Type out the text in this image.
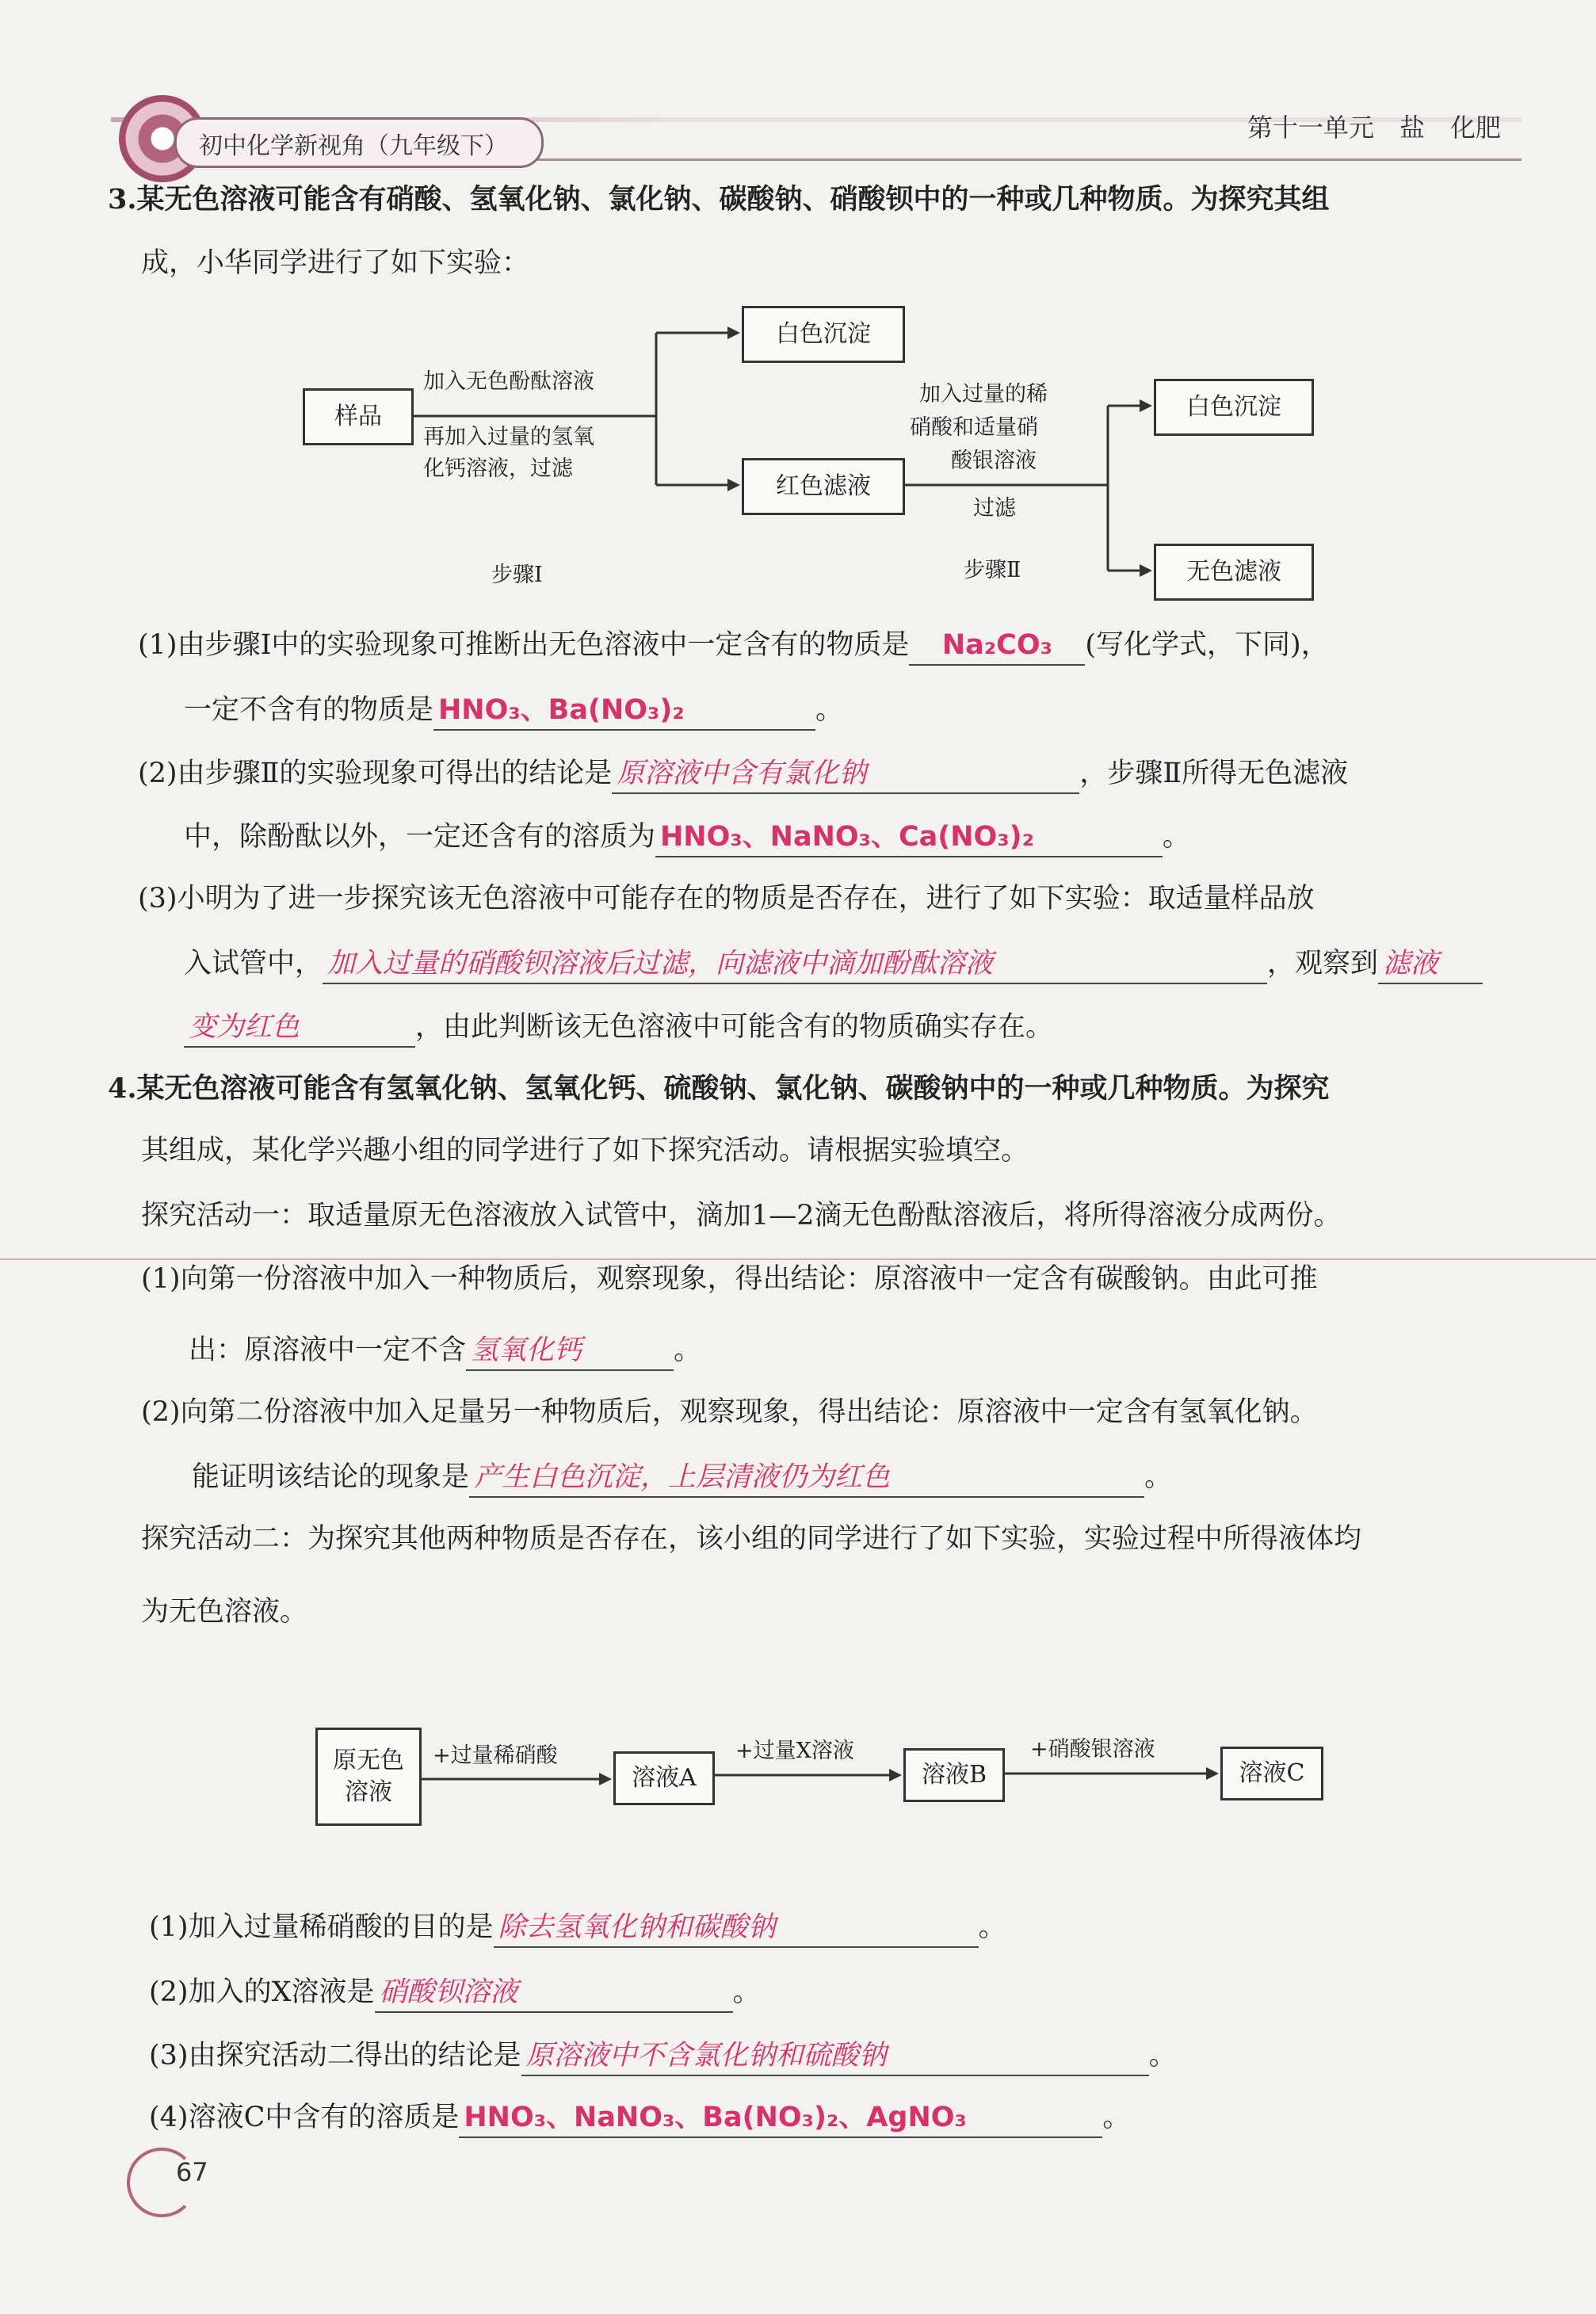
初中化学新视角（九年级下）
第十一单元　盐　化肥
3.某无色溶液可能含有硝酸、氢氧化钠、氯化钠、碳酸钠、硝酸钡中的一种或几种物质。为探究其组
成，小华同学进行了如下实验：
样品
加入无色酚酞溶液
再加入过量的氢氧
化钙溶液，过滤
白色沉淀
红色滤液
加入过量的稀
硝酸和适量硝
酸银溶液
过滤
白色沉淀
无色滤液
步骤Ⅰ	步骤Ⅱ
(1)由步骤Ⅰ中的实验现象可推断出无色溶液中一定含有的物质是 Na₂CO₃ (写化学式，下同)，
一定不含有的物质是 HNO₃、Ba(NO₃)₂	。
(2)由步骤Ⅱ的实验现象可得出的结论是 原溶液中含有氯化钠	，步骤Ⅱ所得无色滤液
中，除酚酞以外，一定还含有的溶质为 HNO₃、NaNO₃、Ca(NO₃)₂	。
(3)小明为了进一步探究该无色溶液中可能存在的物质是否存在，进行了如下实验：取适量样品放
入试管中， 加入过量的硝酸钡溶液后过滤，向滤液中滴加酚酞溶液	，观察到 滤液
变为红色	，由此判断该无色溶液中可能含有的物质确实存在。
4.某无色溶液可能含有氢氧化钠、氢氧化钙、硫酸钠、氯化钠、碳酸钠中的一种或几种物质。为探究
其组成，某化学兴趣小组的同学进行了如下探究活动。请根据实验填空。
探究活动一：取适量原无色溶液放入试管中，滴加1—2滴无色酚酞溶液后，将所得溶液分成两份。
(1)向第一份溶液中加入一种物质后，观察现象，得出结论：原溶液中一定含有碳酸钠。由此可推
出：原溶液中一定不含 氢氧化钙	。
(2)向第二份溶液中加入足量另一种物质后，观察现象，得出结论：原溶液中一定含有氢氧化钠。
能证明该结论的现象是 产生白色沉淀，上层清液仍为红色	。
探究活动二：为探究其他两种物质是否存在，该小组的同学进行了如下实验，实验过程中所得液体均
为无色溶液。
原无色
溶液
+过量稀硝酸
溶液A
+过量X溶液
溶液B
+硝酸银溶液
溶液C
(1)加入过量稀硝酸的目的是 除去氢氧化钠和碳酸钠	。
(2)加入的X溶液是 硝酸钡溶液	。
(3)由探究活动二得出的结论是 原溶液中不含氯化钠和硫酸钠	。
(4)溶液C中含有的溶质是 HNO₃、NaNO₃、Ba(NO₃)₂、AgNO₃	。
67
